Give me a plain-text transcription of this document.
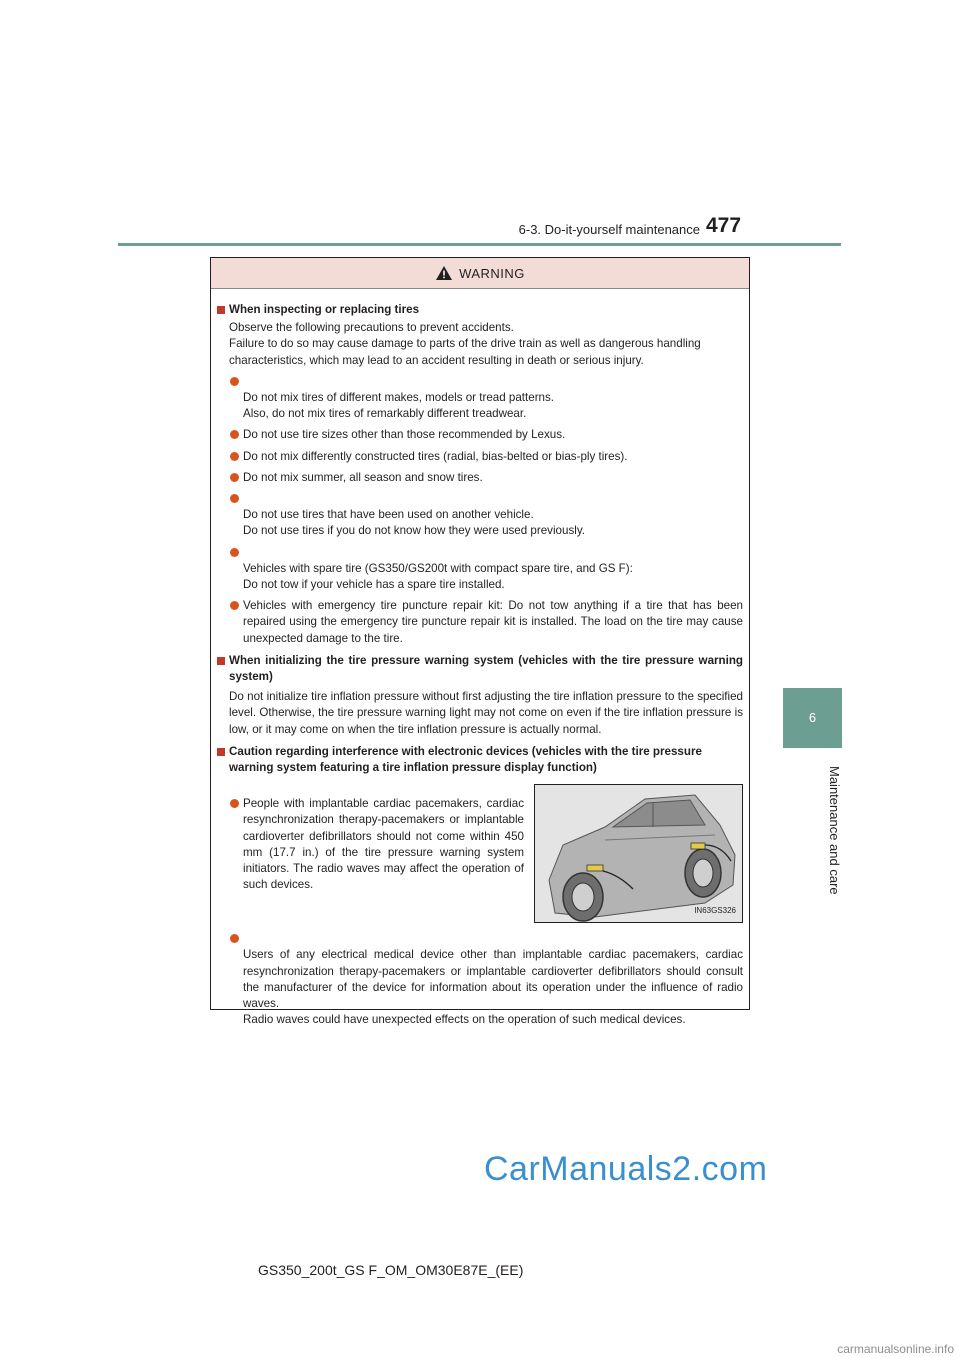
6-3. Do-it-yourself maintenance 477
6
Maintenance and care
WARNING

When inspecting or replacing tires

Observe the following precautions to prevent accidents.

Failure to do so may cause damage to parts of the drive train as well as dangerous handling characteristics, which may lead to an accident resulting in death or serious injury.

Do not mix tires of different makes, models or tread patterns.
Also, do not mix tires of remarkably different treadwear.

Do not use tire sizes other than those recommended by Lexus.

Do not mix differently constructed tires (radial, bias-belted or bias-ply tires).

Do not mix summer, all season and snow tires.

Do not use tires that have been used on another vehicle.
Do not use tires if you do not know how they were used previously.

Vehicles with spare tire (GS350/GS200t with compact spare tire, and GS F):
Do not tow if your vehicle has a spare tire installed.

Vehicles with emergency tire puncture repair kit: Do not tow anything if a tire that has been repaired using the emergency tire puncture repair kit is installed. The load on the tire may cause unexpected damage to the tire.

When initializing the tire pressure warning system (vehicles with the tire pressure warning system)

Do not initialize tire inflation pressure without first adjusting the tire inflation pressure to the specified level. Otherwise, the tire pressure warning light may not come on even if the tire inflation pressure is low, or it may come on when the tire inflation pressure is actually normal.

Caution regarding interference with electronic devices (vehicles with the tire pressure warning system featuring a tire inflation pressure display function)

People with implantable cardiac pacemakers, cardiac resynchronization therapy-pacemakers or implantable cardioverter defibrillators should not come within 450 mm (17.7 in.) of the tire pressure warning system initiators. The radio waves may affect the operation of such devices.

IN63GS326

Users of any electrical medical device other than implantable cardiac pacemakers, cardiac resynchronization therapy-pacemakers or implantable cardioverter defibrillators should consult the manufacturer of the device for information about its operation under the influence of radio waves.
Radio waves could have unexpected effects on the operation of such medical devices.

CarManuals2.com
GS350_200t_GS F_OM_OM30E87E_(EE)
carmanualsonline.info
